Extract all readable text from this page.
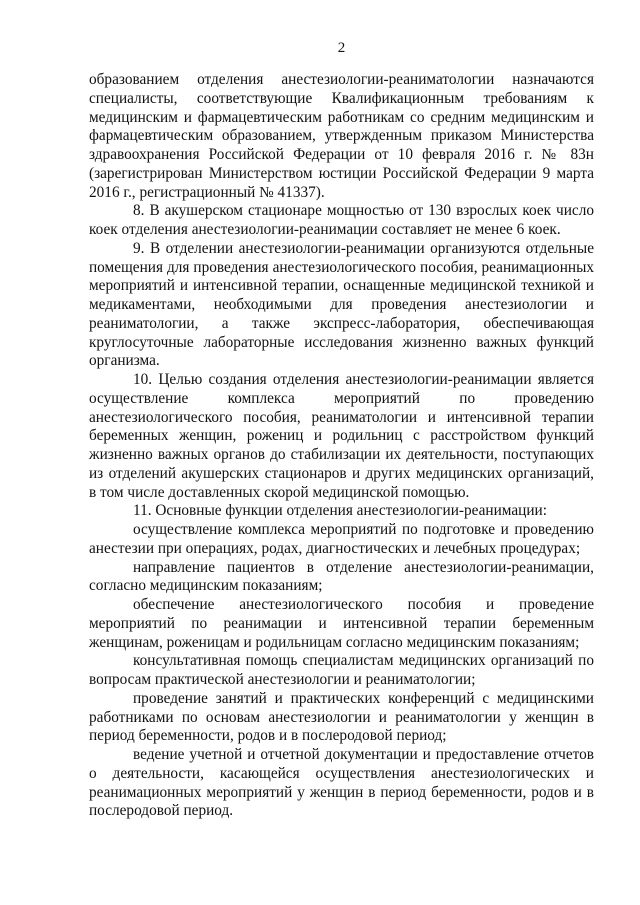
2

образованием отделения анестезиологии-реаниматологии назначаются специалисты, соответствующие Квалификационным требованиям к медицинским и фармацевтическим работникам со средним медицинским и фармацевтическим образованием, утвержденным приказом Министерства здравоохранения Российской Федерации от 10 февраля 2016 г. № 83н (зарегистрирован Министерством юстиции Российской Федерации 9 марта 2016 г., регистрационный № 41337).

8. В акушерском стационаре мощностью от 130 взрослых коек число коек отделения анестезиологии-реанимации составляет не менее 6 коек.

9. В отделении анестезиологии-реанимации организуются отдельные помещения для проведения анестезиологического пособия, реанимационных мероприятий и интенсивной терапии, оснащенные медицинской техникой и медикаментами, необходимыми для проведения анестезиологии и реаниматологии, а также экспресс-лаборатория, обеспечивающая круглосуточные лабораторные исследования жизненно важных функций организма.

10. Целью создания отделения анестезиологии-реанимации является осуществление комплекса мероприятий по проведению анестезиологического пособия, реаниматологии и интенсивной терапии беременных женщин, рожениц и родильниц с расстройством функций жизненно важных органов до стабилизации их деятельности, поступающих из отделений акушерских стационаров и других медицинских организаций, в том числе доставленных скорой медицинской помощью.

11. Основные функции отделения анестезиологии-реанимации:

осуществление комплекса мероприятий по подготовке и проведению анестезии при операциях, родах, диагностических и лечебных процедурах;

направление пациентов в отделение анестезиологии-реанимации, согласно медицинским показаниям;

обеспечение анестезиологического пособия и проведение мероприятий по реанимации и интенсивной терапии беременным женщинам, роженицам и родильницам согласно медицинским показаниям;

консультативная помощь специалистам медицинских организаций по вопросам практической анестезиологии и реаниматологии;

проведение занятий и практических конференций с медицинскими работниками по основам анестезиологии и реаниматологии у женщин в период беременности, родов и в послеродовой период;

ведение учетной и отчетной документации и предоставление отчетов о деятельности, касающейся осуществления анестезиологических и реанимационных мероприятий у женщин в период беременности, родов и в послеродовой период.
